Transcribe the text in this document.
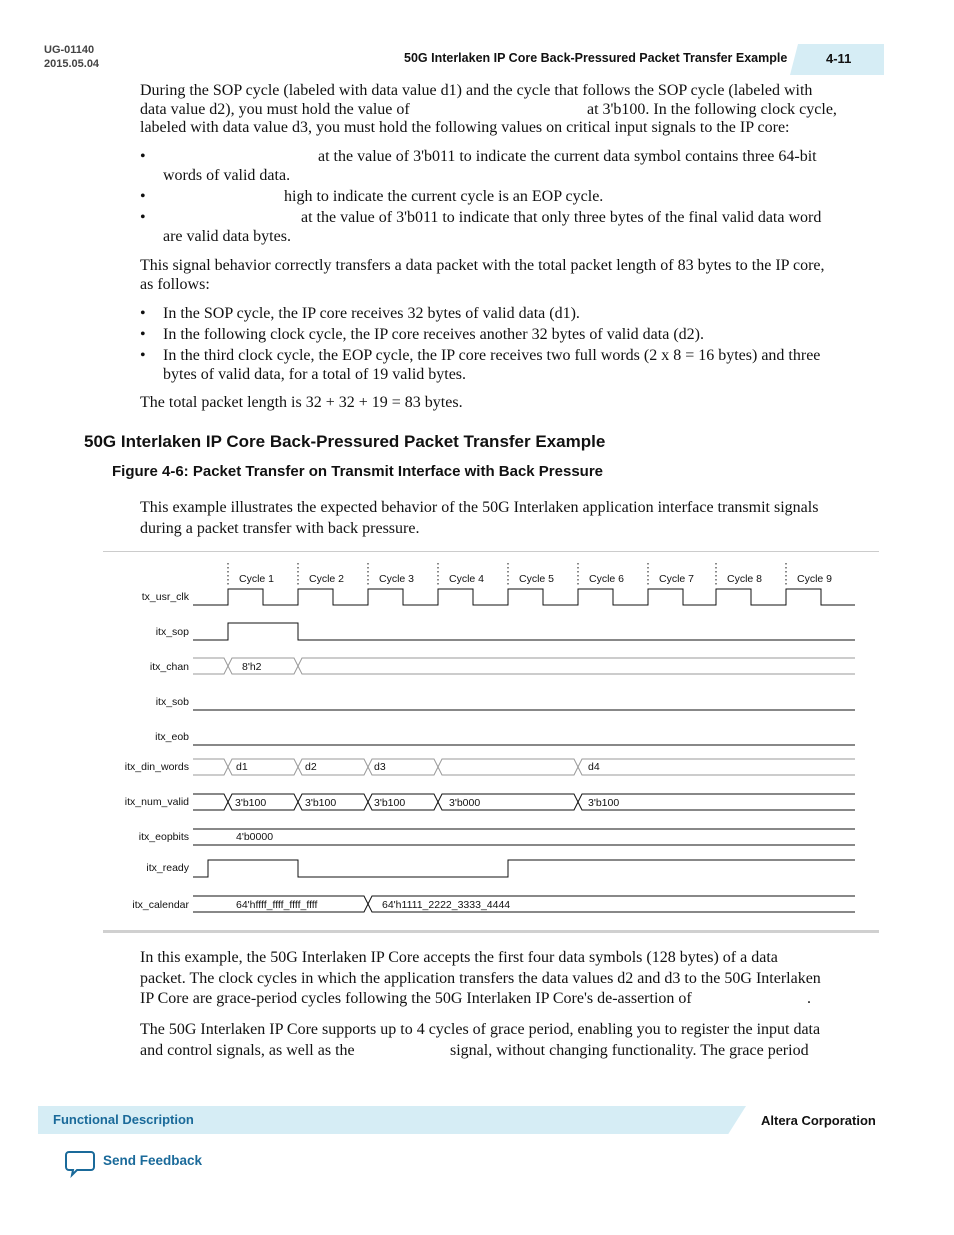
UG-01140
2015.05.04	50G Interlaken IP Core Back-Pressured Packet Transfer Example	4-11
During the SOP cycle (labeled with data value d1) and the cycle that follows the SOP cycle (labeled with
data value d2), you must hold the value of	at 3'b100. In the following clock cycle,
labeled with data value d3, you must hold the following values on critical input signals to the IP core:
•	at the value of 3'b011 to indicate the current data symbol contains three 64-bit
words of valid data.
•	high to indicate the current cycle is an EOP cycle.
•	at the value of 3'b011 to indicate that only three bytes of the final valid data word
are valid data bytes.
This signal behavior correctly transfers a data packet with the total packet length of 83 bytes to the IP core,
as follows:
• In the SOP cycle, the IP core receives 32 bytes of valid data (d1).
• In the following clock cycle, the IP core receives another 32 bytes of valid data (d2).
• In the third clock cycle, the EOP cycle, the IP core receives two full words (2 x 8 = 16 bytes) and three
bytes of valid data, for a total of 19 valid bytes.
The total packet length is 32 + 32 + 19 = 83 bytes.
50G Interlaken IP Core Back-Pressured Packet Transfer Example
Figure 4-6: Packet Transfer on Transmit Interface with Back Pressure
This example illustrates the expected behavior of the 50G Interlaken application interface transmit signals
during a packet transfer with back pressure.
Cycle 1	Cycle 2	Cycle 3	Cycle 4	Cycle 5	Cycle 6	Cycle 7	Cycle 8	Cycle 9
tx_usr_clk
itx_sop
itx_chan
itx_sob
itx_eob
itx_din_words
itx_num_valid
itx_eopbits
itx_ready
itx_calendar
8'h2
d1	d2	d3	d4
3'b100	3'b100	3'b100	3'b000	3'b100
4'b0000
64'hffff_ffff_ffff_ffff	64'h1111_2222_3333_4444
In this example, the 50G Interlaken IP Core accepts the first four data symbols (128 bytes) of a data
packet. The clock cycles in which the application transfers the data values d2 and d3 to the 50G Interlaken
IP Core are grace-period cycles following the 50G Interlaken IP Core's de-assertion of	.
The 50G Interlaken IP Core supports up to 4 cycles of grace period, enabling you to register the input data
and control signals, as well as the	signal, without changing functionality. The grace period
Functional Description	Altera Corporation
Send Feedback
